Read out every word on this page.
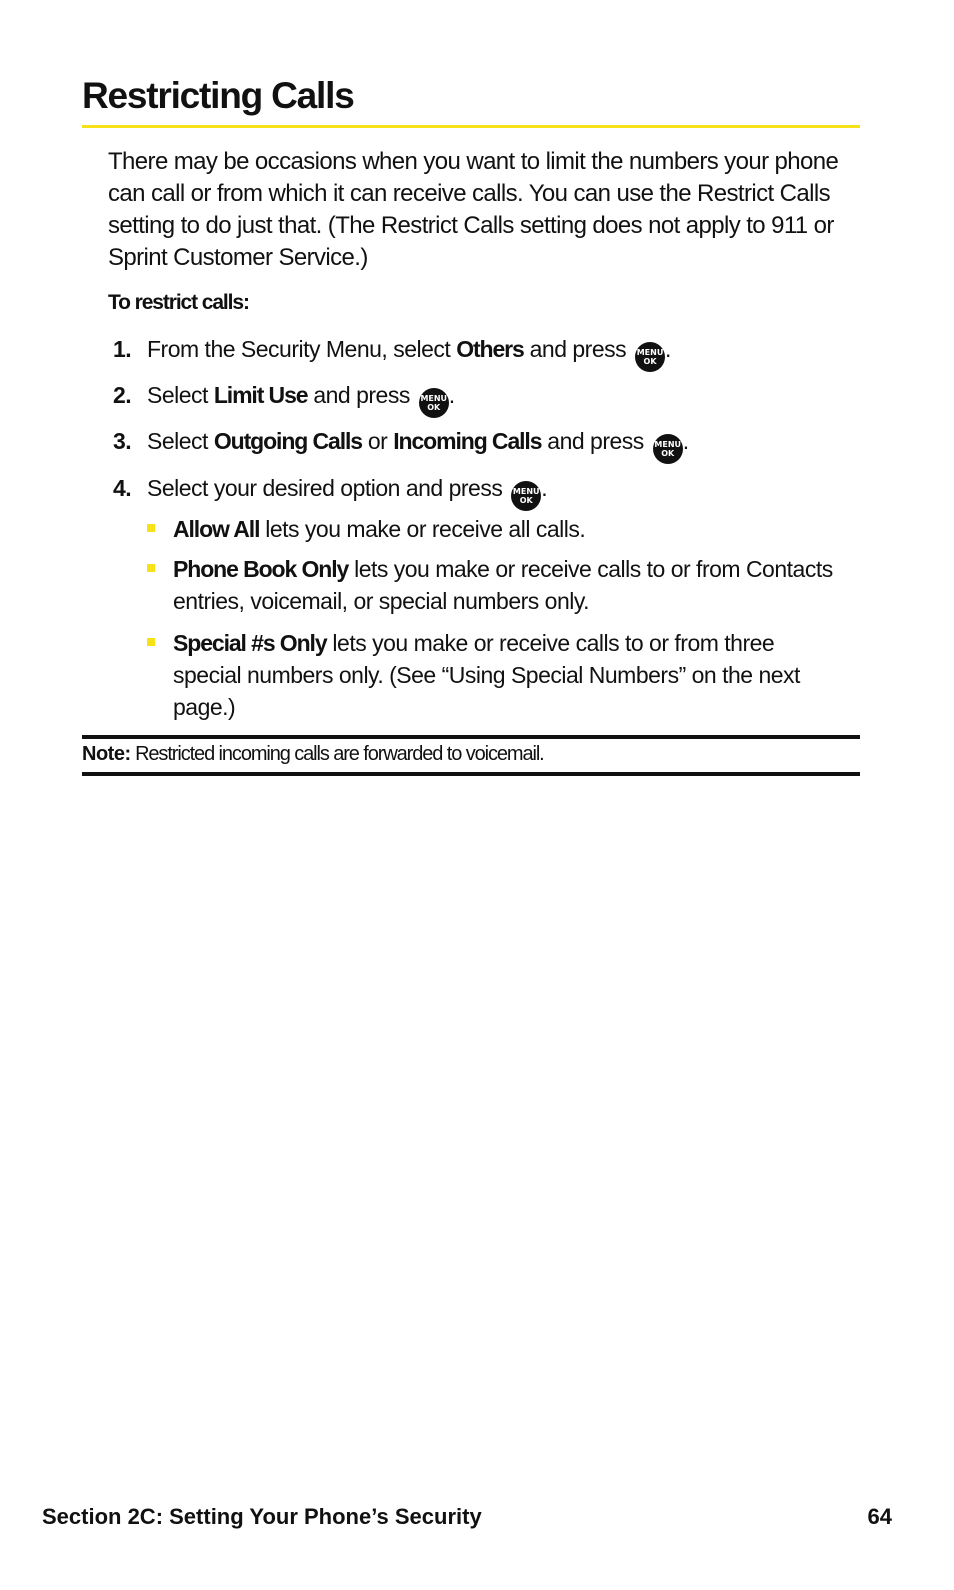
Restricting Calls

There may be occasions when you want to limit the numbers your phone can call or from which it can receive calls. You can use the Restrict Calls setting to do just that. (The Restrict Calls setting does not apply to 911 or Sprint Customer Service.)

To restrict calls:

1. From the Security Menu, select Others and press MENU
OK .

2. Select Limit Use and press MENU
OK .

3. Select Outgoing Calls or Incoming Calls and press MENU
OK .

4. Select your desired option and press MENU
OK .

Allow All lets you make or receive all calls.

Phone Book Only lets you make or receive calls to or from Contacts entries, voicemail, or special numbers only.

Special #s Only lets you make or receive calls to or from three special numbers only. (See “Using Special Numbers” on the next page.)

Note: Restricted incoming calls are forwarded to voicemail.

Section 2C: Setting Your Phone’s Security	64
